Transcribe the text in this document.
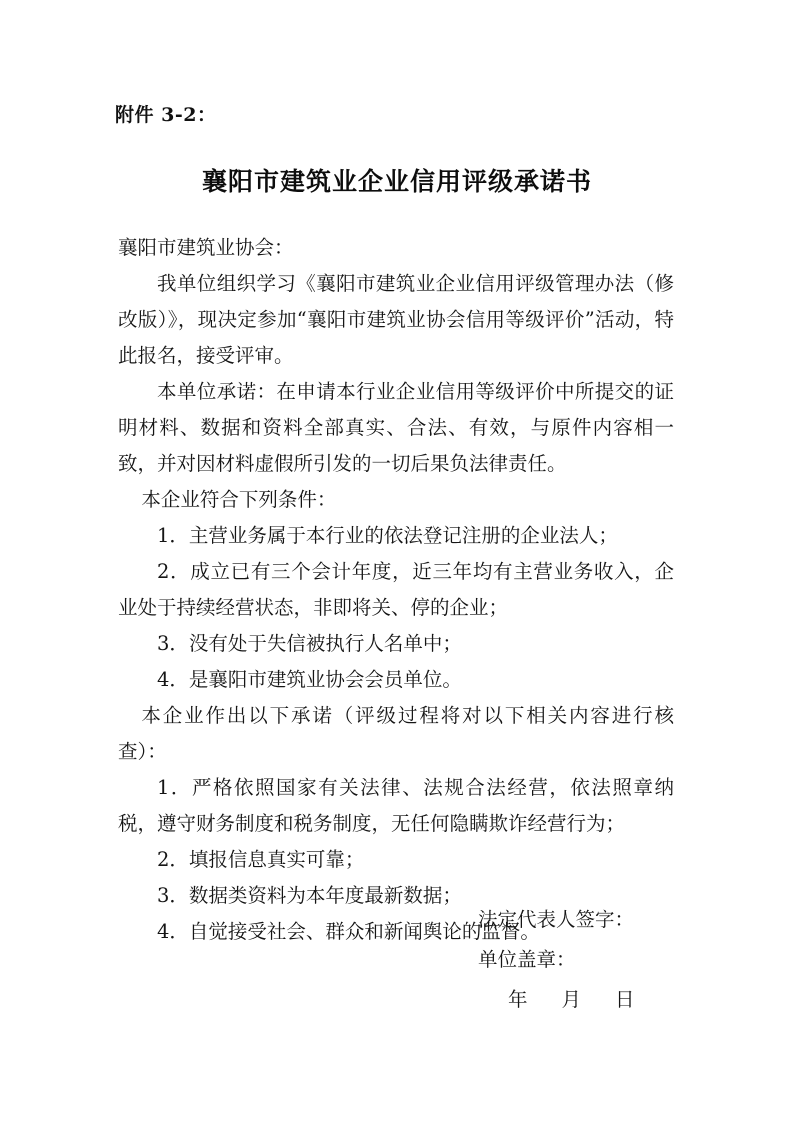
附件 3-2：
襄阳市建筑业企业信用评级承诺书

襄阳市建筑业协会：

我单位组织学习《襄阳市建筑业企业信用评级管理办法（修改版）》，现决定参加“襄阳市建筑业协会信用等级评价”活动，特此报名，接受评审。

本单位承诺：在申请本行业企业信用等级评价中所提交的证明材料、数据和资料全部真实、合法、有效，与原件内容相一致，并对因材料虚假所引发的一切后果负法律责任。

本企业符合下列条件：

1．主营业务属于本行业的依法登记注册的企业法人；

2．成立已有三个会计年度，近三年均有主营业务收入，企业处于持续经营状态，非即将关、停的企业；

3．没有处于失信被执行人名单中；

4．是襄阳市建筑业协会会员单位。

本企业作出以下承诺（评级过程将对以下相关内容进行核查）：

1．严格依照国家有关法律、法规合法经营，依法照章纳税，遵守财务制度和税务制度，无任何隐瞒欺诈经营行为；

2．填报信息真实可靠；

3．数据类资料为本年度最新数据；

4．自觉接受社会、群众和新闻舆论的监督。

法定代表人签字：

单位盖章：

年 月 日
